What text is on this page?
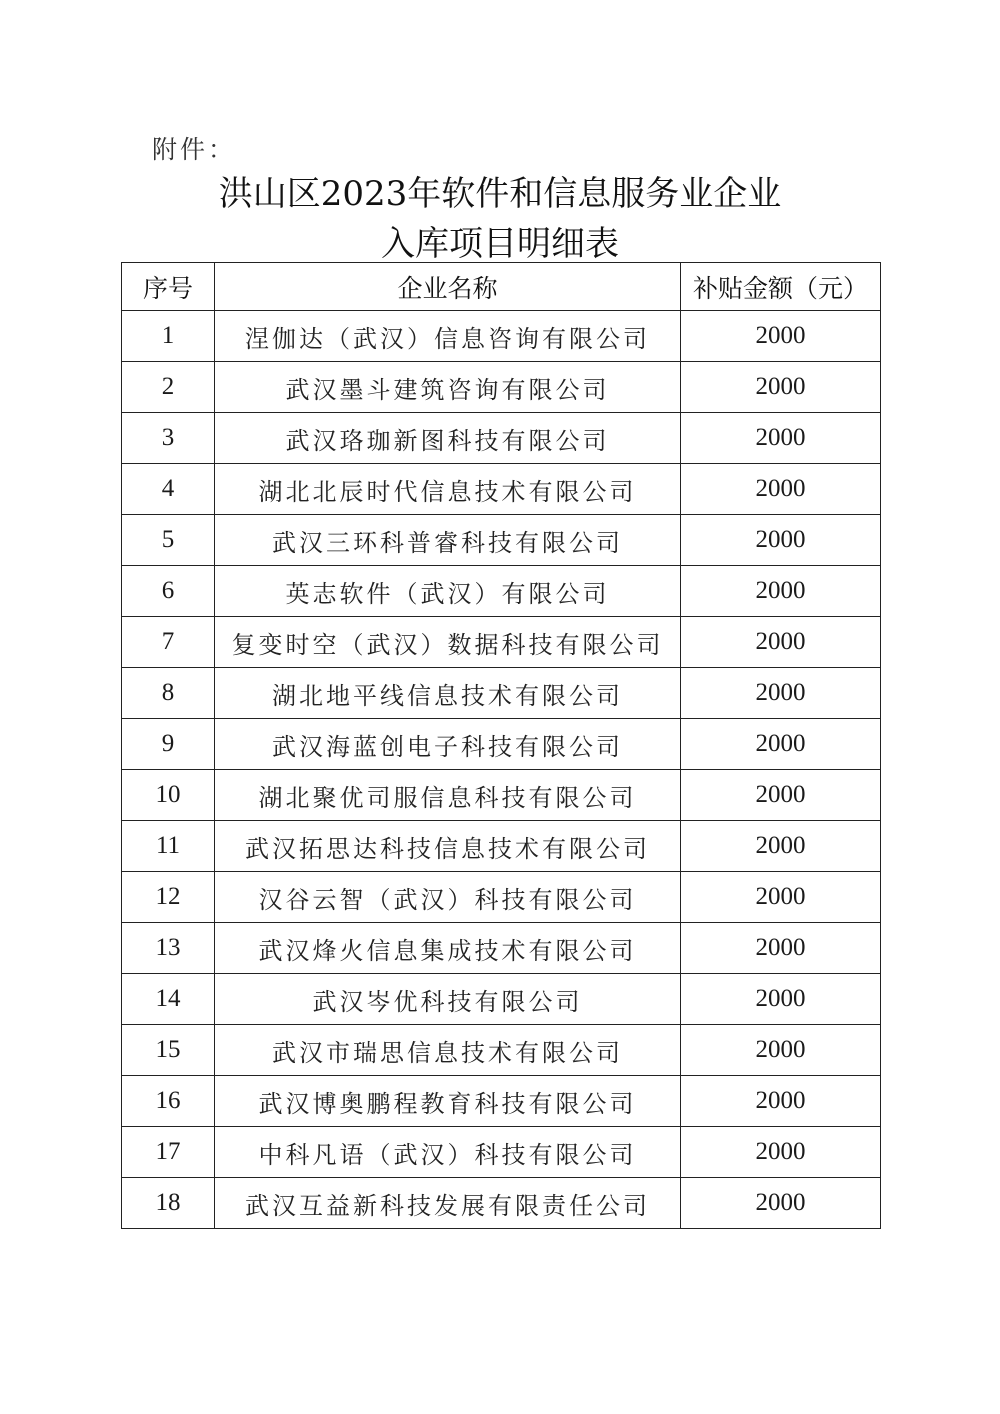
附件：
洪山区2023年软件和信息服务业企业
入库项目明细表
序号	企业名称	补贴金额（元）
1	涅伽达（武汉）信息咨询有限公司	2000
2	武汉墨斗建筑咨询有限公司	2000
3	武汉珞珈新图科技有限公司	2000
4	湖北北辰时代信息技术有限公司	2000
5	武汉三环科普睿科技有限公司	2000
6	英志软件（武汉）有限公司	2000
7	复变时空（武汉）数据科技有限公司	2000
8	湖北地平线信息技术有限公司	2000
9	武汉海蓝创电子科技有限公司	2000
10	湖北聚优司服信息科技有限公司	2000
11	武汉拓思达科技信息技术有限公司	2000
12	汉谷云智（武汉）科技有限公司	2000
13	武汉烽火信息集成技术有限公司	2000
14	武汉岑优科技有限公司	2000
15	武汉市瑞思信息技术有限公司	2000
16	武汉博奥鹏程教育科技有限公司	2000
17	中科凡语（武汉）科技有限公司	2000
18	武汉互益新科技发展有限责任公司	2000
